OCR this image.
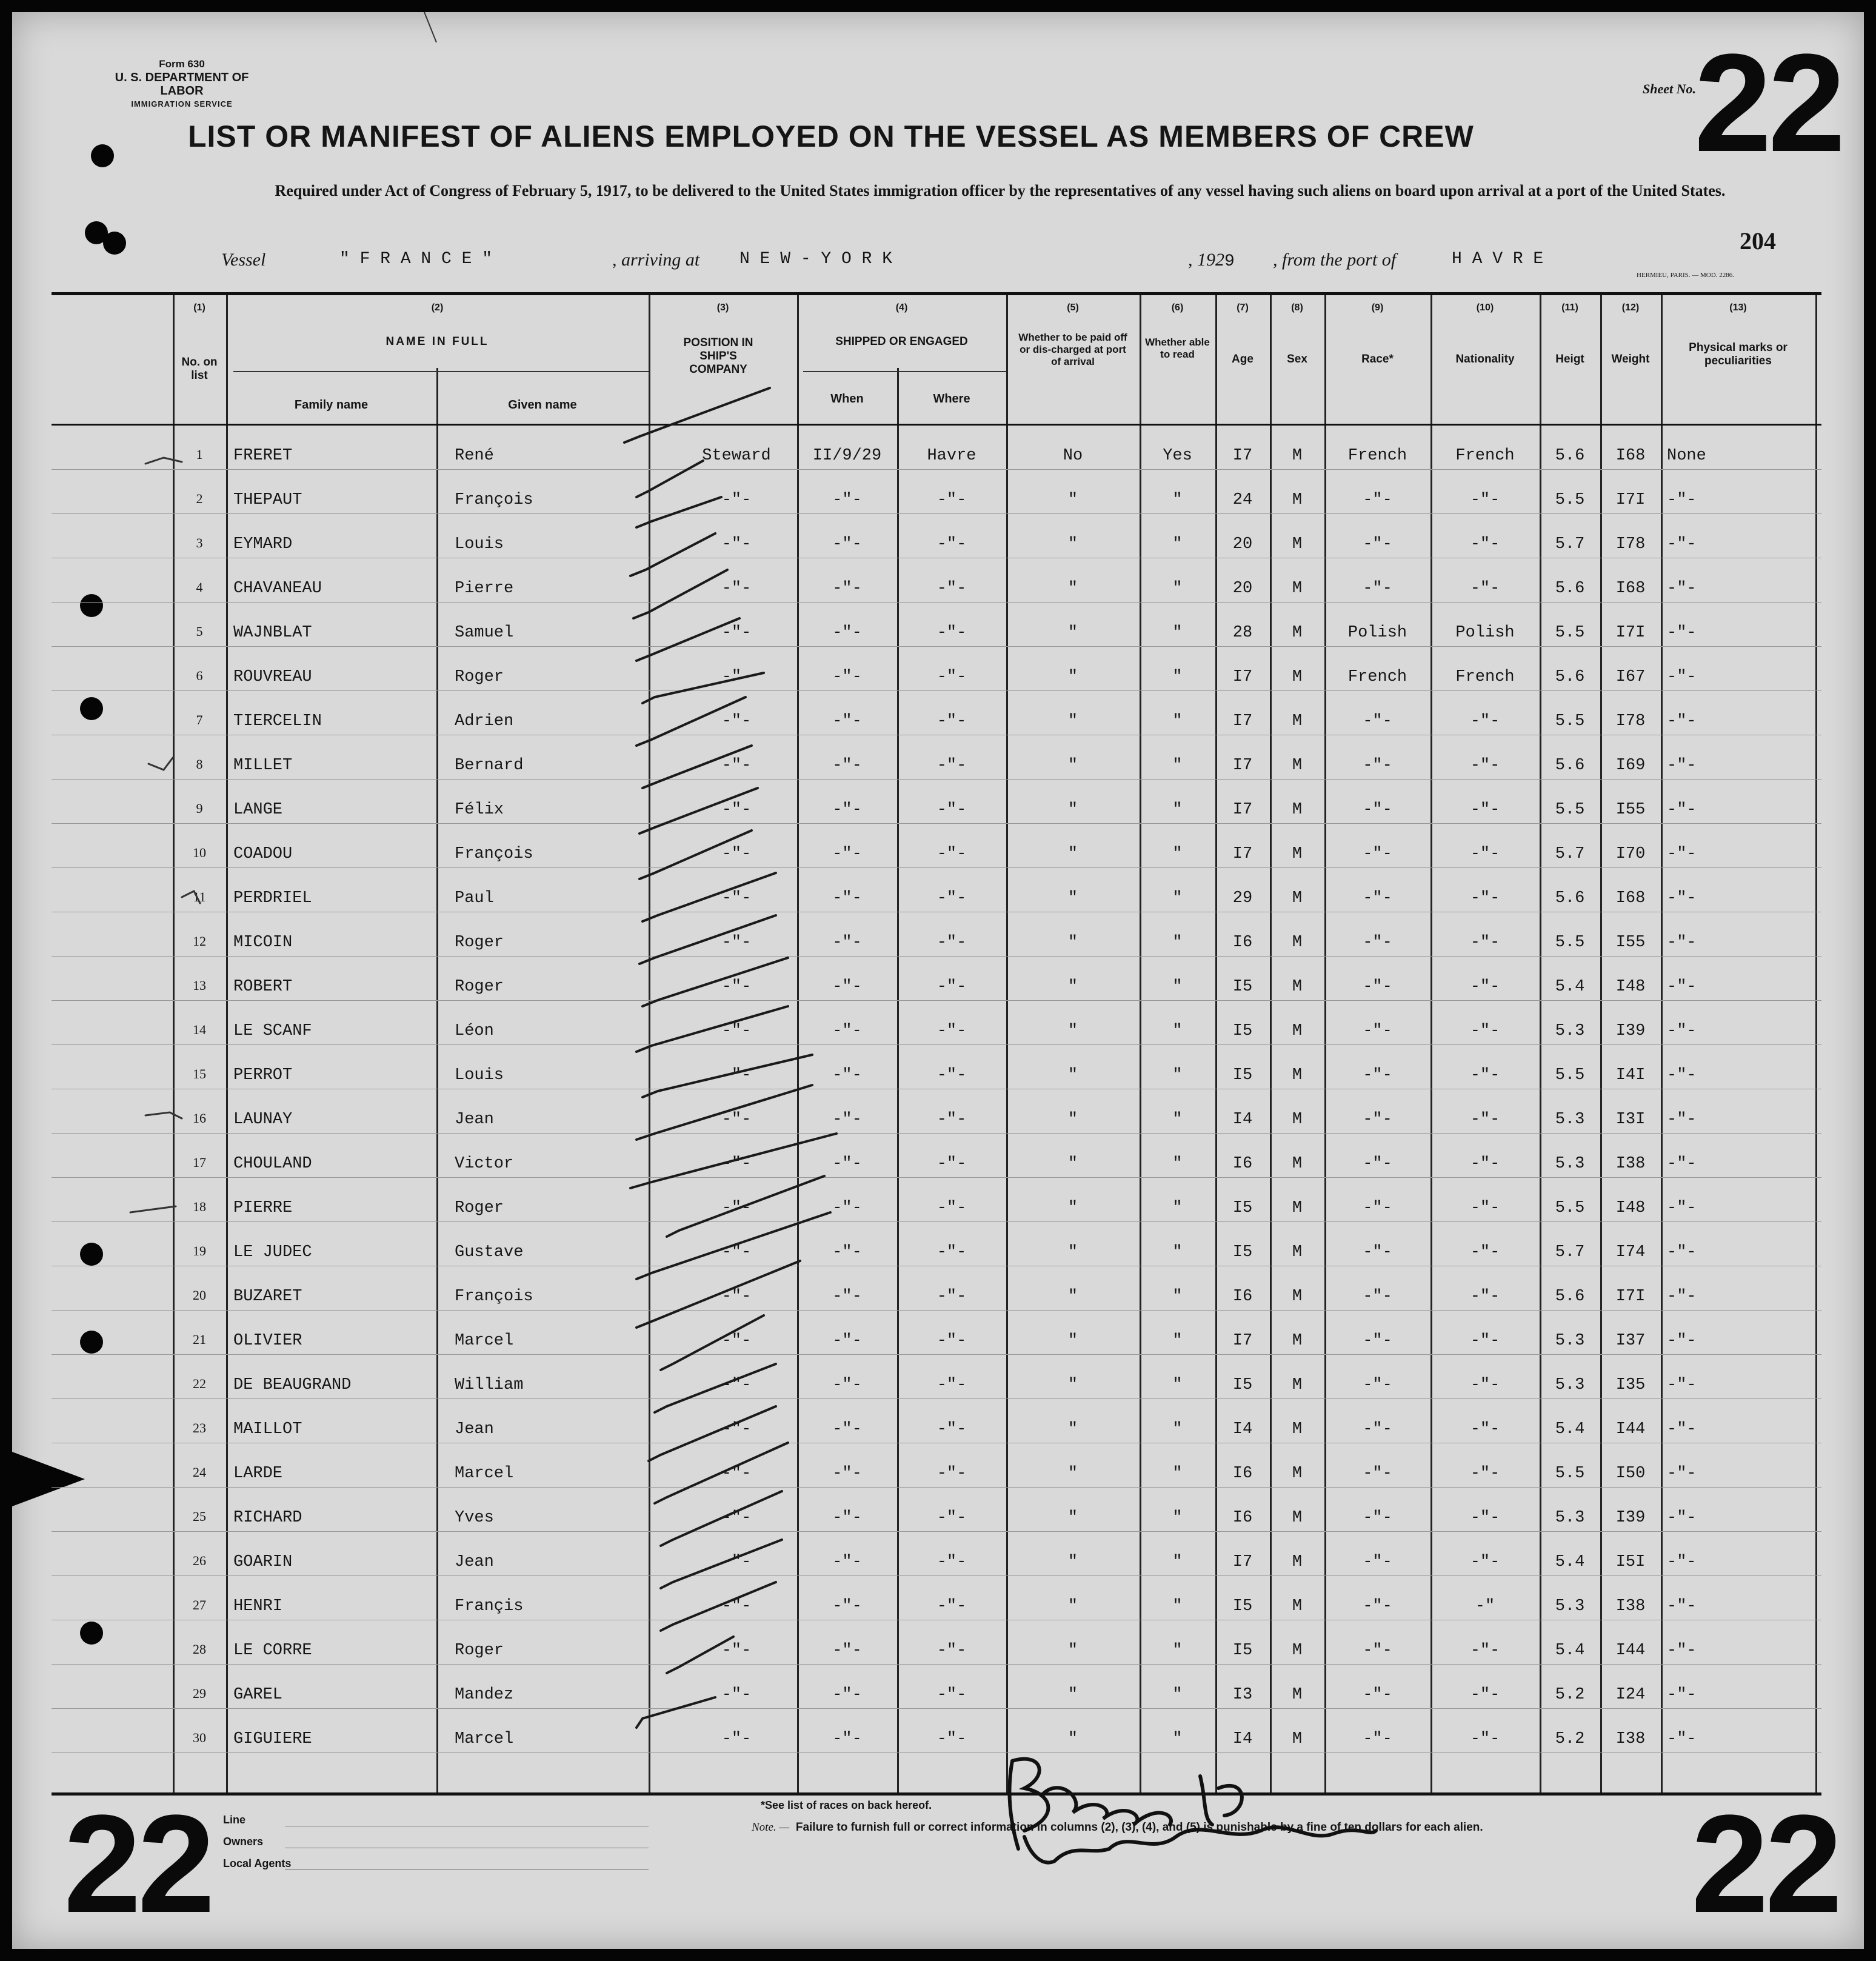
Form 630
U. S. DEPARTMENT OF LABOR
IMMIGRATION SERVICE
LIST OR MANIFEST OF ALIENS EMPLOYED ON THE VESSEL AS MEMBERS OF CREW
Sheet No.
22
Required under Act of Congress of February 5, 1917, to be delivered to the United States immigration officer by the representatives of any vessel having such aliens on board upon arrival at a port of the United States.
204
Vessel	" F R A N C E "	, arriving at N E W - Y O R K	, 1929 , from the port of	H A V R E
HERMIEU, PARIS. — MOD. 2286.
(1)
No. on list
(2)
NAME IN FULL
Family name	Given name
(3)
POSITION IN SHIP'S COMPANY
(4)
SHIPPED OR ENGAGED
When	Where
(5)
Whether to be paid off or dis-charged at port of arrival
(6)
Whether able to read
(7)
Age
(8)
Sex
(9)
Race*
(10)
Nationality
(11)
Heigt
(12)
Weight
(13)
Physical marks or peculiarities
1	FRERET	René	Steward	II/9/29	Havre	No	Yes	I7	M	French	French	5.6	I68	None
2	THEPAUT	François	-"-	-"-	-"-	"	"	24	M	-"-	-"-	5.5	I7I	-"-
3	EYMARD	Louis	-"-	-"-	-"-	"	"	20	M	-"-	-"-	5.7	I78	-"-
4	CHAVANEAU	Pierre	-"-	-"-	-"-	"	"	20	M	-"-	-"-	5.6	I68	-"-
5	WAJNBLAT	Samuel	-"-	-"-	-"-	"	"	28	M	Polish	Polish	5.5	I7I	-"-
6	ROUVREAU	Roger	-"-	-"-	-"-	"	"	I7	M	French	French	5.6	I67	-"-
7	TIERCELIN	Adrien	-"-	-"-	-"-	"	"	I7	M	-"-	-"-	5.5	I78	-"-
8	MILLET	Bernard	-"-	-"-	-"-	"	"	I7	M	-"-	-"-	5.6	I69	-"-
9	LANGE	Félix	-"-	-"-	-"-	"	"	I7	M	-"-	-"-	5.5	I55	-"-
10	COADOU	François	-"-	-"-	-"-	"	"	I7	M	-"-	-"-	5.7	I70	-"-
11	PERDRIEL	Paul	-"-	-"-	-"-	"	"	29	M	-"-	-"-	5.6	I68	-"-
12	MICOIN	Roger	-"-	-"-	-"-	"	"	I6	M	-"-	-"-	5.5	I55	-"-
13	ROBERT	Roger	-"-	-"-	-"-	"	"	I5	M	-"-	-"-	5.4	I48	-"-
14	LE SCANF	Léon	-"-	-"-	-"-	"	"	I5	M	-"-	-"-	5.3	I39	-"-
15	PERROT	Louis	-"-	-"-	-"-	"	"	I5	M	-"-	-"-	5.5	I4I	-"-
16	LAUNAY	Jean	-"-	-"-	-"-	"	"	I4	M	-"-	-"-	5.3	I3I	-"-
17	CHOULAND	Victor	-"-	-"-	-"-	"	"	I6	M	-"-	-"-	5.3	I38	-"-
18	PIERRE	Roger	-"-	-"-	-"-	"	"	I5	M	-"-	-"-	5.5	I48	-"-
19	LE JUDEC	Gustave	-"-	-"-	-"-	"	"	I5	M	-"-	-"-	5.7	I74	-"-
20	BUZARET	François	-"-	-"-	-"-	"	"	I6	M	-"-	-"-	5.6	I7I	-"-
21	OLIVIER	Marcel	-"-	-"-	-"-	"	"	I7	M	-"-	-"-	5.3	I37	-"-
22	DE BEAUGRAND	William	-"-	-"-	-"-	"	"	I5	M	-"-	-"-	5.3	I35	-"-
23	MAILLOT	Jean	-"-	-"-	-"-	"	"	I4	M	-"-	-"-	5.4	I44	-"-
24	LARDE	Marcel	-"-	-"-	-"-	"	"	I6	M	-"-	-"-	5.5	I50	-"-
25	RICHARD	Yves	-"-	-"-	-"-	"	"	I6	M	-"-	-"-	5.3	I39	-"-
26	GOARIN	Jean	-"-	-"-	-"-	"	"	I7	M	-"-	-"-	5.4	I5I	-"-
27	HENRI	Françis	-"-	-"-	-"-	"	"	I5	M	-"-	-"	5.3	I38	-"-
28	LE CORRE	Roger	-"-	-"-	-"-	"	"	I5	M	-"-	-"-	5.4	I44	-"-
29	GAREL	Mandez	-"-	-"-	-"-	"	"	I3	M	-"-	-"-	5.2	I24	-"-
30	GIGUIERE	Marcel	-"-	-"-	-"-	"	"	I4	M	-"-	-"-	5.2	I38	-"-
Line
Owners
Local Agents
*See list of races on back hereof.
Note. — Failure to furnish full or correct information in columns (2), (3), (4), and (5) is punishable by a fine of ten dollars for each alien.
22	22
